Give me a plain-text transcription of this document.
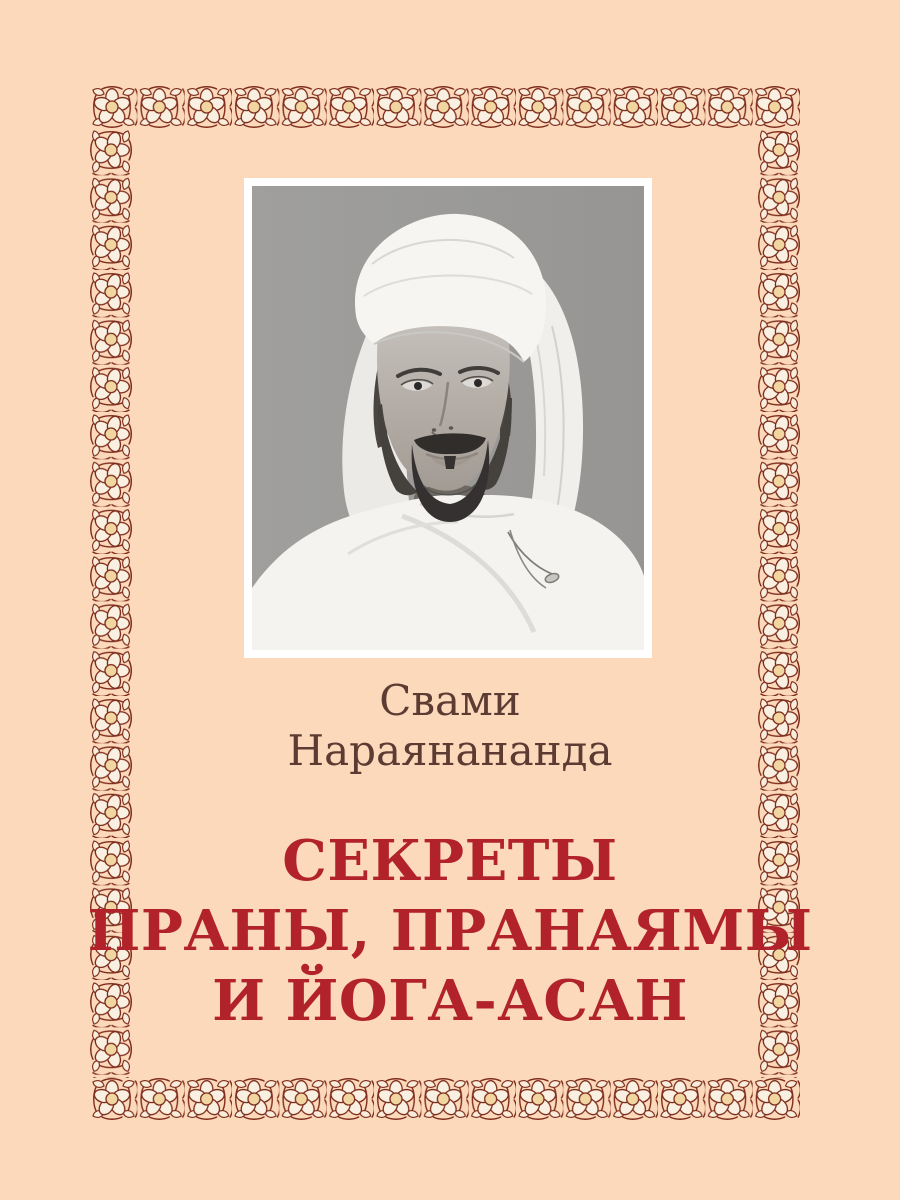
Свами
Нараянананда
СЕКРЕТЫ
ПРАНЫ, ПРАНАЯМЫ
И ЙОГА-АСАН
